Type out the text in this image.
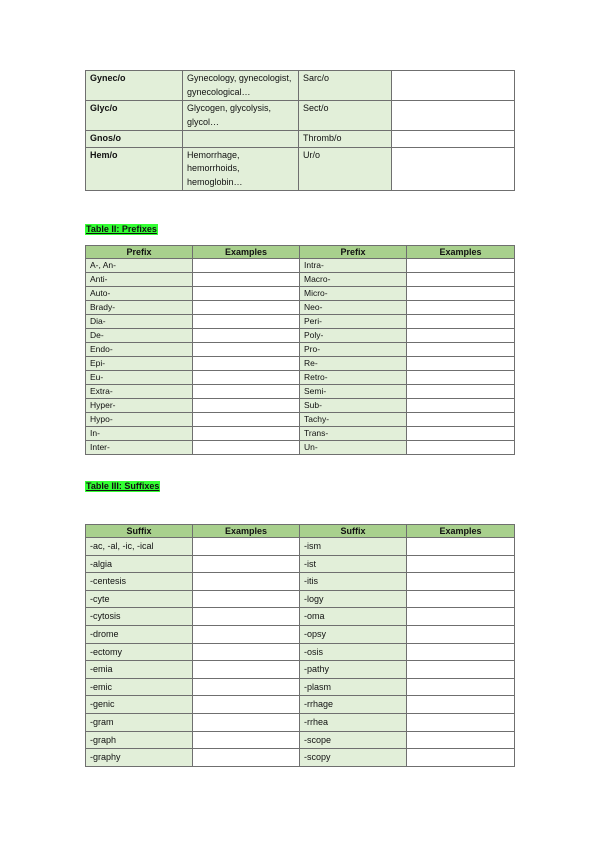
Gynec/o	Gynecology, gynecologist, gynecological…	Sarc/o	
Glyc/o	Glycogen, glycolysis, glycol…	Sect/o	
Gnos/o		Thromb/o	
Hem/o	Hemorrhage, hemorrhoids, hemoglobin…	Ur/o	
Table II: Prefixes
Prefix	Examples	Prefix	Examples
A-, An-		Intra-	
Anti-		Macro-	
Auto-		Micro-	
Brady-		Neo-	
Dia-		Peri-	
De-		Poly-	
Endo-		Pro-	
Epi-		Re-	
Eu-		Retro-	
Extra-		Semi-	
Hyper-		Sub-	
Hypo-		Tachy-	
In-		Trans-	
Inter-		Un-	
Table III: Suffixes
Suffix	Examples	Suffix	Examples
-ac, -al, -ic, -ical		-ism	
-algia		-ist	
-centesis		-itis	
-cyte		-logy	
-cytosis		-oma	
-drome		-opsy	
-ectomy		-osis	
-emia		-pathy	
-emic		-plasm	
-genic		-rrhage	
-gram		-rrhea	
-graph		-scope	
-graphy		-scopy	
